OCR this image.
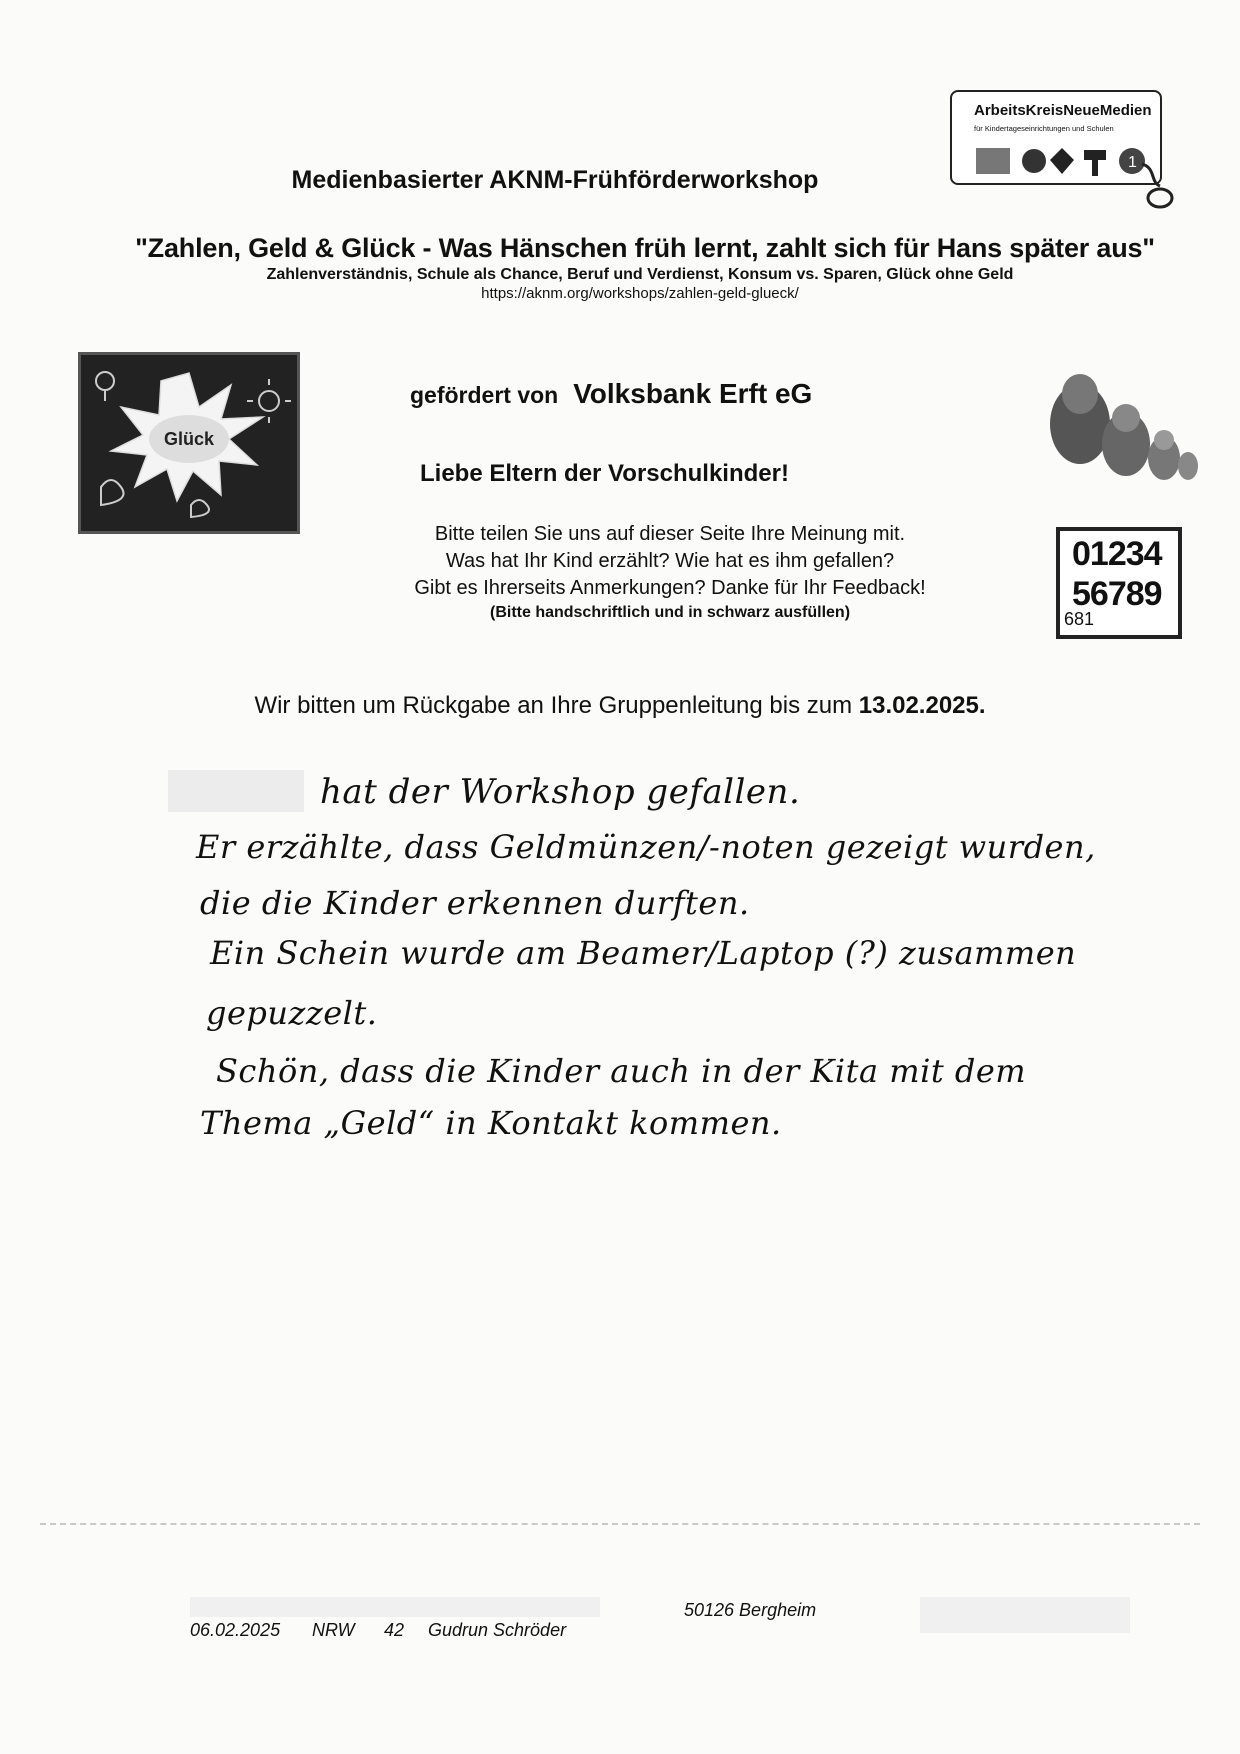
Medienbasierter AKNM-Frühförderworkshop
"Zahlen, Geld & Glück - Was Hänschen früh lernt, zahlt sich für Hans später aus"
Zahlenverständnis, Schule als Chance, Beruf und Verdienst, Konsum vs. Sparen, Glück ohne Geld
https://aknm.org/workshops/zahlen-geld-glueck/
ArbeitsKreisNeueMedien
für Kindertageseinrichtungen und Schulen
1
Glück
gefördert von Volksbank Erft eG
Liebe Eltern der Vorschulkinder!
Bitte teilen Sie uns auf dieser Seite Ihre Meinung mit.
Was hat Ihr Kind erzählt? Wie hat es ihm gefallen?
Gibt es Ihrerseits Anmerkungen? Danke für Ihr Feedback!
(Bitte handschriftlich und in schwarz ausfüllen)
01234
56789
681
Wir bitten um Rückgabe an Ihre Gruppenleitung bis zum 13.02.2025.
hat der Workshop gefallen.
Er erzählte, dass Geldmünzen/-noten gezeigt wurden,
die die Kinder erkennen durften.
Ein Schein wurde am Beamer/Laptop (?) zusammen
gepuzzelt.
Schön, dass die Kinder auch in der Kita mit dem
Thema „Geld“ in Kontakt kommen.
50126 Bergheim
06.02.2025 NRW 42 Gudrun Schröder
